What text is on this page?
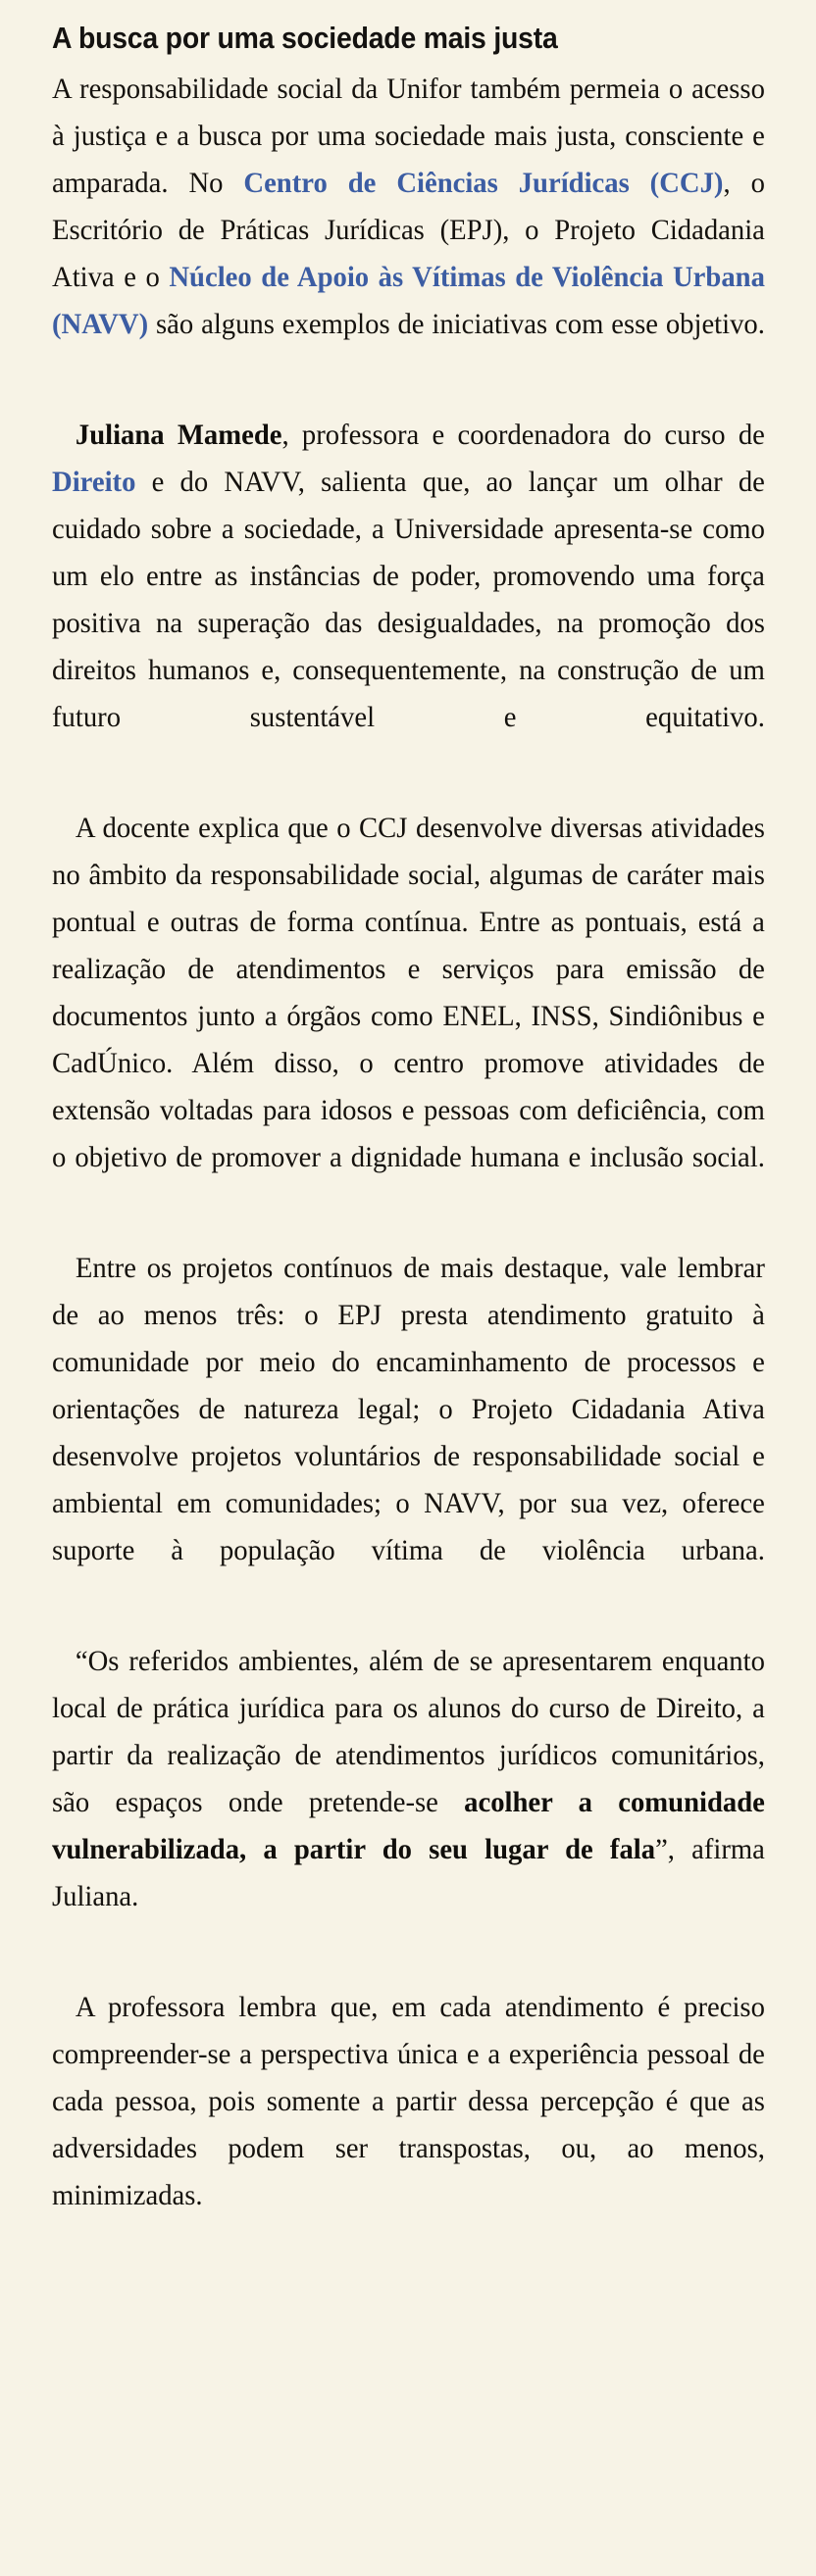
A busca por uma sociedade mais justa

A responsabilidade social da Unifor também permeia o acesso à justiça e a busca por uma sociedade mais justa, consciente e amparada. No Centro de Ciências Jurídicas (CCJ), o Escritório de Práticas Jurídicas (EPJ), o Projeto Cidadania Ativa e o Núcleo de Apoio às Vítimas de Violência Urbana (NAVV) são alguns exemplos de iniciativas com esse objetivo.

Juliana Mamede, professora e coordenadora do curso de Direito e do NAVV, salienta que, ao lançar um olhar de cuidado sobre a sociedade, a Universidade apresenta-se como um elo entre as instâncias de poder, promovendo uma força positiva na superação das desigualdades, na promoção dos direitos humanos e, consequentemente, na construção de um futuro sustentável e equitativo.

A docente explica que o CCJ desenvolve diversas atividades no âmbito da responsabilidade social, algumas de caráter mais pontual e outras de forma contínua. Entre as pontuais, está a realização de atendimentos e serviços para emissão de documentos junto a órgãos como ENEL, INSS, Sindiônibus e CadÚnico. Além disso, o centro promove atividades de extensão voltadas para idosos e pessoas com deficiência, com o objetivo de promover a dignidade humana e inclusão social.

Entre os projetos contínuos de mais destaque, vale lembrar de ao menos três: o EPJ presta atendimento gratuito à comunidade por meio do encaminhamento de processos e orientações de natureza legal; o Projeto Cidadania Ativa desenvolve projetos voluntários de responsabilidade social e ambiental em comunidades; o NAVV, por sua vez, oferece suporte à população vítima de violência urbana.

“Os referidos ambientes, além de se apresentarem enquanto local de prática jurídica para os alunos do curso de Direito, a partir da realização de atendimentos jurídicos comunitários, são espaços onde pretende-se acolher a comunidade vulnerabilizada, a partir do seu lugar de fala”, afirma Juliana.

A professora lembra que, em cada atendimento é preciso compreender-se a perspectiva única e a experiência pessoal de cada pessoa, pois somente a partir dessa percepção é que as adversidades podem ser transpostas, ou, ao menos, minimizadas.
